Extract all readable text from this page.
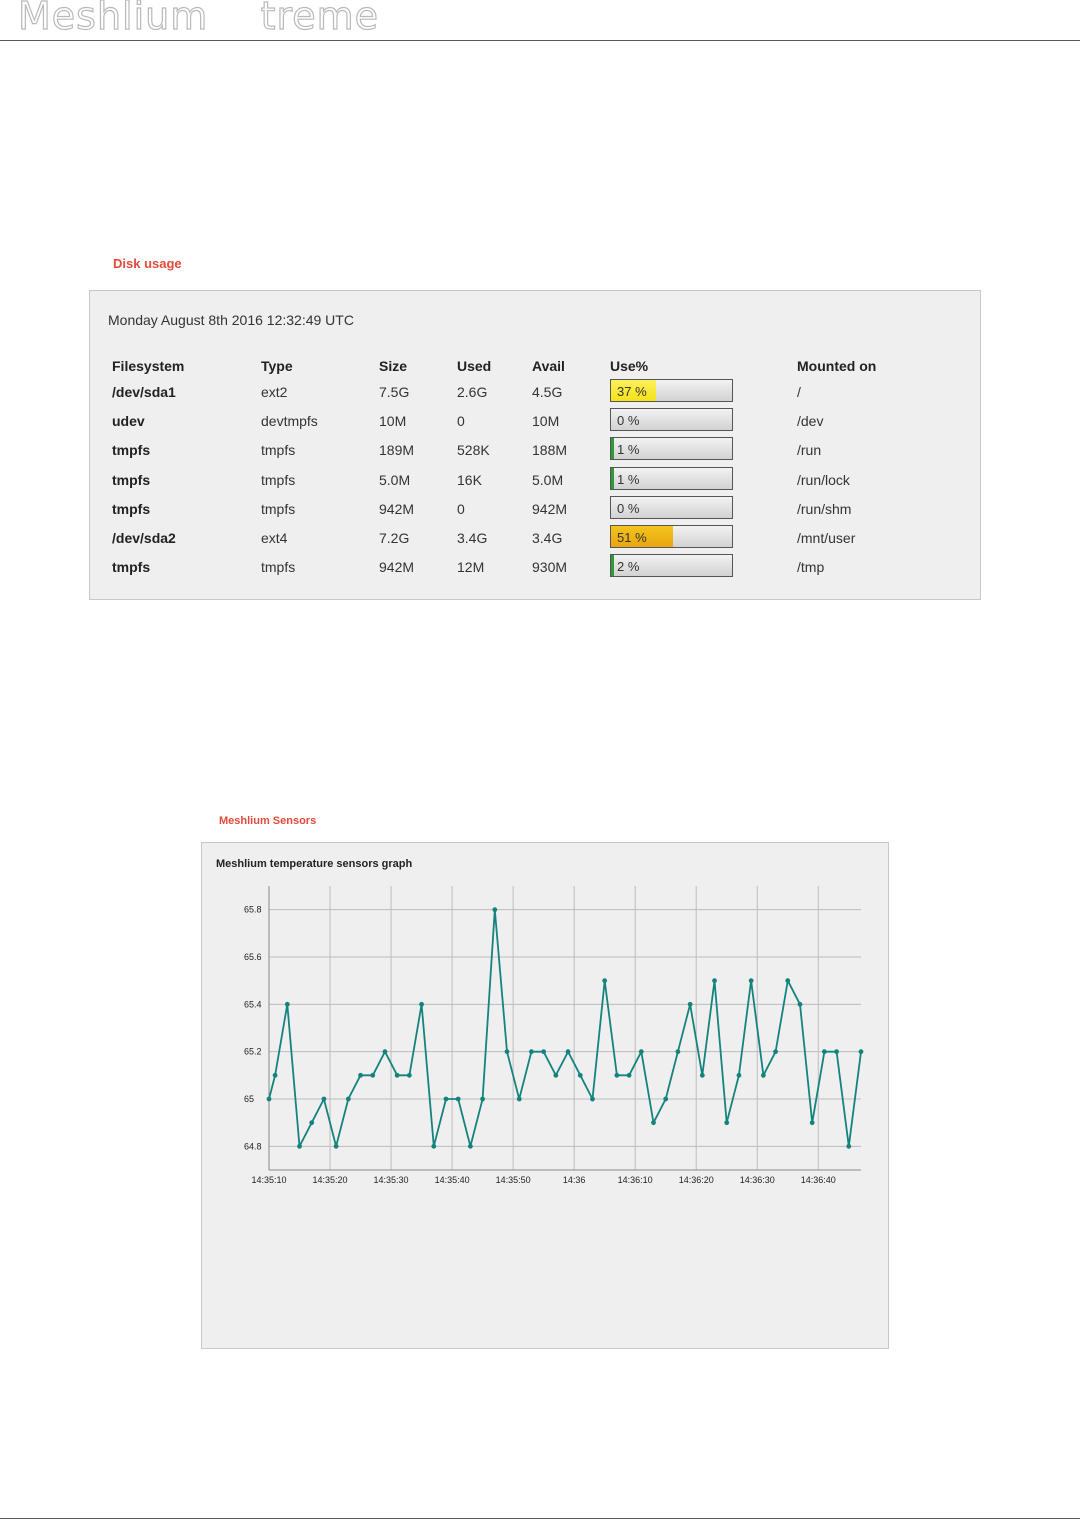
Meshlium    treme
Disk usage
Monday August 8th 2016 12:32:49 UTC
Filesystem	Type	Size	Used	Avail	Use%	Mounted on
/dev/sda1	ext2	7.5G	2.6G	4.5G	37 %	/
udev	devtmpfs	10M	0	10M	0 %	/dev
tmpfs	tmpfs	189M	528K	188M	1 %	/run
tmpfs	tmpfs	5.0M	16K	5.0M	1 %	/run/lock
tmpfs	tmpfs	942M	0	942M	0 %	/run/shm
/dev/sda2	ext4	7.2G	3.4G	3.4G	51 %	/mnt/user
tmpfs	tmpfs	942M	12M	930M	2 %	/tmp
Meshlium Sensors
Meshlium temperature sensors graph
64.8
65
65.2
65.4
65.6
65.8
14:35:10	14:35:20	14:35:30	14:35:40	14:35:50	14:36	14:36:10	14:36:20	14:36:30	14:36:40
